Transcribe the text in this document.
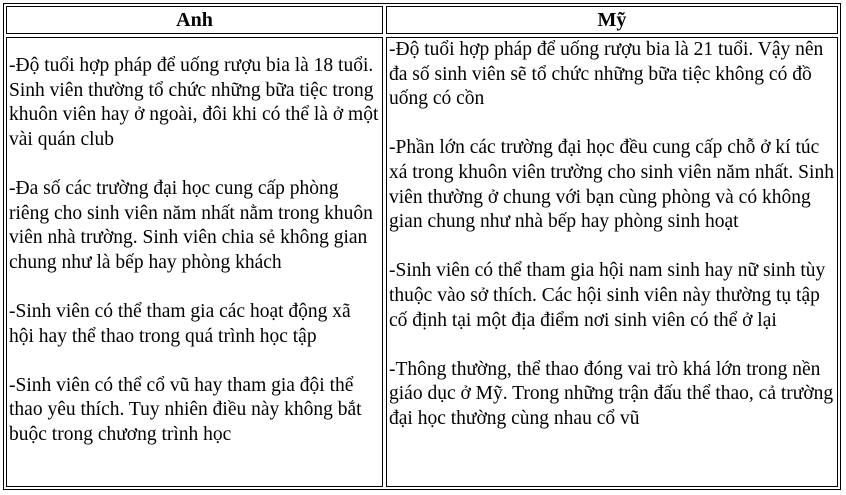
Anh	Mỹ

-Độ tuổi hợp pháp để uống rượu bia là 18 tuổi. Sinh viên thường tổ chức những bữa tiệc trong khuôn viên hay ở ngoài, đôi khi có thể là ở một vài quán club

-Đa số các trường đại học cung cấp phòng riêng cho sinh viên năm nhất nằm trong khuôn viên nhà trường. Sinh viên chia sẻ không gian chung như là bếp hay phòng khách

-Sinh viên có thể tham gia các hoạt động xã hội hay thể thao trong quá trình học tập

-Sinh viên có thể cổ vũ hay tham gia đội thể thao yêu thích. Tuy nhiên điều này không bắt buộc trong chương trình học

-Độ tuổi hợp pháp để uống rượu bia là 21 tuổi. Vậy nên đa số sinh viên sẽ tổ chức những bữa tiệc không có đồ uống có cồn

-Phần lớn các trường đại học đều cung cấp chỗ ở kí túc xá trong khuôn viên trường cho sinh viên năm nhất. Sinh viên thường ở chung với bạn cùng phòng và có không gian chung như nhà bếp hay phòng sinh hoạt

-Sinh viên có thể tham gia hội nam sinh hay nữ sinh tùy thuộc vào sở thích. Các hội sinh viên này thường tụ tập cố định tại một địa điểm nơi sinh viên có thể ở lại

-Thông thường, thể thao đóng vai trò khá lớn trong nền giáo dục ở Mỹ. Trong những trận đấu thể thao, cả trường đại học thường cùng nhau cổ vũ
